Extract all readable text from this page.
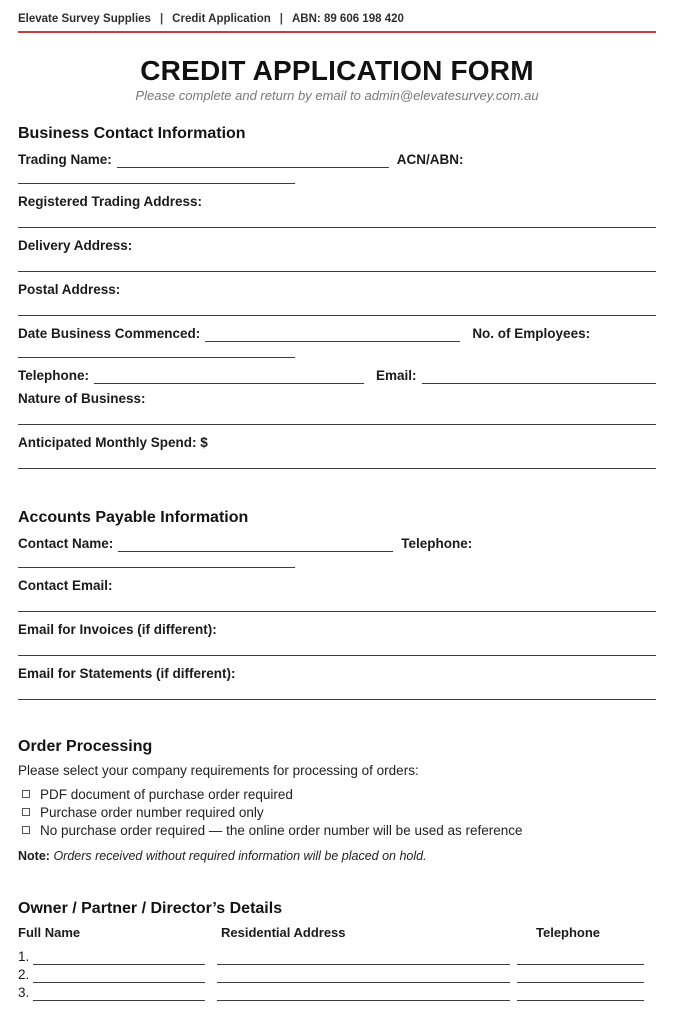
Elevate Survey Supplies | Credit Application | ABN: 89 606 198 420
CREDIT APPLICATION FORM
Please complete and return by email to admin@elevatesurvey.com.au
Business Contact Information
Trading Name:	ACN/ABN:
Registered Trading Address:
Delivery Address:
Postal Address:
Date Business Commenced:	No. of Employees:
Telephone:	Email:
Nature of Business:
Anticipated Monthly Spend: $
Accounts Payable Information
Contact Name:	Telephone:
Contact Email:
Email for Invoices (if different):
Email for Statements (if different):
Order Processing
Please select your company requirements for processing of orders:
PDF document of purchase order required
Purchase order number required only
No purchase order required — the online order number will be used as reference
Note: Orders received without required information will be placed on hold.
Owner / Partner / Director’s Details
Full Name	Residential Address	Telephone
1.
2.
3.
